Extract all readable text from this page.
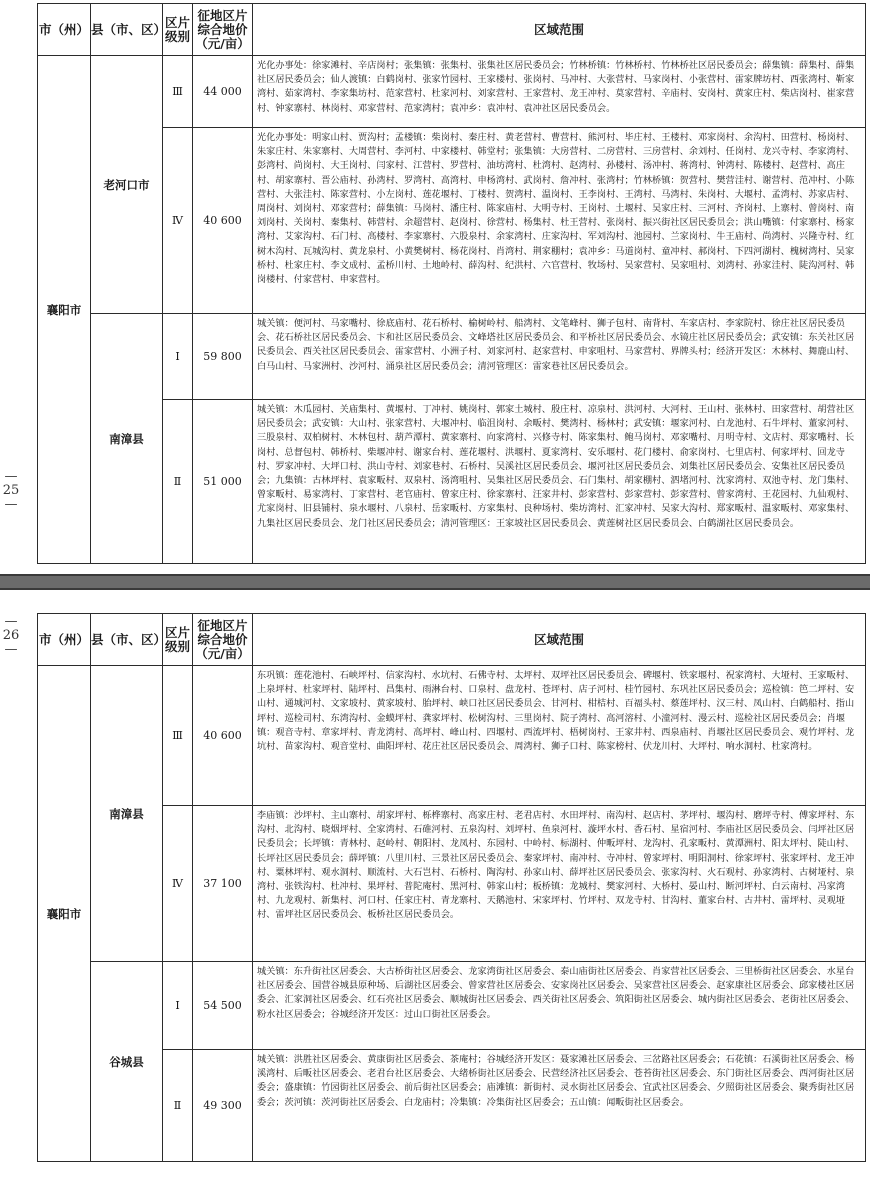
— 25 —
市（州）	县（市、区）	区片级别	征地区片综合地价（元/亩）	区域范围
襄阳市	老河口市	Ⅲ	44 000	光化办事处：徐家滩村、辛店岗村；张集镇：张集村、张集社区居民委员会；竹林桥镇：竹林桥村、竹林桥社区居民委员会；薛集镇：薛集村、薛集社区居民委员会；仙人渡镇：白鹤岗村、张家竹园村、王家楼村、张岗村、马冲村、大张营村、马家岗村、小张营村、雷家牌坊村、西张湾村、靳家湾村、茹家湾村、李家集坊村、范家营村、杜家河村、刘家营村、王家营村、龙王冲村、莫家营村、辛庙村、安岗村、黄家庄村、柴店岗村、崔家营村、钟家寨村、林岗村、邓家营村、范家湾村；袁冲乡：袁冲村、袁冲社区居民委员会。
		Ⅳ	40 600	光化办事处：明家山村、贾沟村；孟楼镇：柴岗村、秦庄村、黄老营村、曹营村、熊河村、毕庄村、王楼村、邓家岗村、余沟村、田营村、杨岗村、朱家庄村、朱家寨村、大周营村、李河村、中家楼村、韩堂村；张集镇：大房营村、二房营村、三房营村、余刘村、任岗村、龙兴寺村、李家湾村、彭湾村、尚岗村、大王岗村、闫家村、江营村、罗营村、油坊湾村、杜湾村、赵湾村、孙楼村、汤冲村、蒋湾村、钟湾村、陈楼村、赵营村、高庄村、胡家寨村、晋公庙村、孙湾村、罗湾村、高湾村、申杨湾村、武岗村、詹冲村、张湾村；竹林桥镇：贺营村、樊营洼村、谢营村、范冲村、小陈营村、大张洼村、陈家营村、小左岗村、莲花堰村、丁楼村、贺湾村、温岗村、王李岗村、王湾村、马湾村、朱岗村、大堰村、孟湾村、苏家店村、周岗村、刘岗村、邓家营村；薛集镇：马岗村、潘庄村、陈家庙村、大明寺村、王岗村、土堰村、吴家庄村、三河村、齐岗村、上寨村、曾岗村、南刘岗村、关岗村、秦集村、韩营村、余超营村、赵岗村、徐营村、杨集村、杜王营村、张岗村、振兴街社区居民委员会；洪山嘴镇：付家寨村、杨家湾村、艾家沟村、石门村、高楼村、李家寨村、六股泉村、余家湾村、庄家沟村、军刘沟村、池园村、兰家岗村、牛王庙村、尚湾村、兴隆寺村、红树木沟村、瓦城沟村、黄龙泉村、小黄樊树村、杨花岗村、肖湾村、荆家棚村；袁冲乡：马道岗村、童冲村、郝岗村、下四河湖村、槐树湾村、吴家桥村、杜家庄村、李文成村、孟桥川村、土地岭村、薛沟村、纪洪村、六官营村、牧场村、吴家营村、吴家咀村、刘湾村、孙家洼村、陡沟河村、韩岗楼村、付家营村、申家营村。
	南漳县	Ⅰ	59 800	城关镇：便河村、马家嘴村、徐底庙村、花石桥村、榆树岭村、船湾村、文笔峰村、狮子包村、南背村、车家店村、李家院村、徐庄社区居民委员会、花石桥社区居民委员会、卞和社区居民委员会、文峰塔社区居民委员会、和平桥社区居民委员会、水镜庄社区居民委员会；武安镇：东关社区居民委员会、西关社区居民委员会、雷家营村、小洲子村、刘家河村、赵家营村、申家咀村、马家营村、界牌头村；经济开发区：木林村、舞鹿山村、白马山村、马家洲村、沙河村、涌泉社区居民委员会；清河管理区：雷家巷社区居民委员会。
		Ⅱ	51 000	城关镇：木瓜园村、关庙集村、黄堰村、丁冲村、姚岗村、郭家土城村、殷庄村、凉泉村、洪河村、大河村、王山村、张林村、田家营村、胡营社区居民委员会；武安镇：大山村、张家营村、大堰冲村、临沮岗村、余畈村、樊湾村、杨林村；武安镇：堰家河村、白龙池村、石牛坪村、董家河村、三股泉村、双柏树村、木林包村、葫芦潭村、黄家寨村、向家湾村、兴修寺村、陈家集村、鲍马岗村、邓家嘴村、月明寺村、文店村、郑家嘴村、长岗村、总督包村、韩桥村、柴堰冲村、谢家台村、莲花堰村、洪堰村、夏家湾村、安乐堰村、花门楼村、俞家岗村、七里店村、何家坪村、回龙寺村、罗家冲村、大坪口村、洪山寺村、刘家巷村、石桥村、吴溪社区居民委员会、堰河社区居民委员会、刘集社区居民委员会、安集社区居民委员会；九集镇：古林坪村、袁家畈村、双泉村、汤湾咀村、吴集社区居民委员会、石门集村、胡家棚村、泗堵河村、沈家湾村、双池寺村、龙门集村、曾家畈村、易家湾村、丁家营村、老官庙村、曾家庄村、徐家寨村、汪家井村、彭家营村、彭家营村、彭家营村、曾家湾村、王花园村、九仙观村、尤家岗村、旧县铺村、泉水堰村、八泉村、岳家畈村、方家集村、良种场村、柴坊湾村、汇家冲村、吴家大沟村、郑家畈村、温家畈村、邓家集村、九集社区居民委员会、龙门社区居民委员会；清河管理区：王家坡社区居民委员会、黄莲树社区居民委员会、白鹤湖社区居民委员会。
— 26 —
市（州）	县（市、区）	区片级别	征地区片综合地价（元/亩）	区域范围
襄阳市	南漳县	Ⅲ	40 600	东巩镇：莲花池村、石峡坪村、信家沟村、水坑村、石佛寺村、太坪村、双坪社区居民委员会、碑堰村、铁家堰村、祝家湾村、大垭村、王家畈村、上泉坪村、杜家坪村、陆坪村、昌集村、雨淋台村、口泉村、盘龙村、苍坪村、店子河村、桂竹园村、东巩社区居民委员会；巡检镇：笆二坪村、安山村、通城河村、文家坡村、黄家坡村、胎坪村、峡口社区居民委员会、甘河村、柑桔村、百福头村、蔡莲坪村、汉三村、凤山村、白鹤船村、指山坪村、巡检司村、东湾沟村、金蟆坪村、龚家坪村、松树沟村、三里岗村、院子湾村、高河溶村、小潼河村、漫云村、巡检社区居民委员会；肖堰镇：观音寺村、章家坪村、青龙湾村、高坪村、峰山村、四堰村、西流坪村、梧树岗村、王家井村、西泉庙村、肖堰社区居民委员会、观竹坪村、龙坑村、苗家沟村、观音堂村、曲阳坪村、花庄社区居民委员会、周湾村、狮子口村、陈家榜村、伏龙川村、大坪村、响水洞村、杜家湾村。
		Ⅳ	37 100	李庙镇：沙坪村、主山寨村、胡家坪村、栎桦寨村、高家庄村、老君店村、水田坪村、南沟村、赵店村、茅坪村、堰沟村、磨坪寺村、傅家坪村、东沟村、北沟村、晓烟坪村、全家湾村、石碓河村、五泉沟村、刘坪村、鱼泉河村、漩坪水村、香石村、星宿河村、李庙社区居民委员会、闫坪社区居民委员会；长坪镇：青林村、赵岭村、朝阳村、龙凤村、东园村、中岭村、标湖村、仲畈坪村、龙沟村、孔家畈村、黄潭洲村、阳太坪村、陡山村、长坪社区居民委员会；薛坪镇：八里川村、三景社区居民委员会、秦家坪村、南冲村、寺冲村、曾家坪村、明阳洞村、徐家坪村、张家坪村、龙王冲村、粟林坪村、观水洞村、顺流村、大石岂村、石桥村、陶沟村、孙家山村、薛坪社区居民委员会、张家沟村、火石观村、孙家湾村、古树垭村、泉湾村、张铁沟村、杜冲村、果坪村、普陀庵村、黑河村、韩家山村；板桥镇：龙城村、樊家河村、大桥村、晏山村、断河坪村、白云南村、冯家湾村、九龙观村、新集村、河口村、任家庄村、青龙寨村、天鹅池村、宋家坪村、竹坪村、双龙寺村、甘沟村、董家台村、古井村、雷坪村、灵观垭村、雷坪社区居民委员会、板桥社区居民委员会。
	谷城县	Ⅰ	54 500	城关镇：东升街社区居委会、大古桥街社区居委会、龙家湾街社区居委会、泰山庙街社区居委会、肖家营社区居委会、三里桥街社区居委会、水星台社区居委会、国营谷城县原种场、后湖社区居委会、曾家营社区居委会、安家岗社区居委会、吴家营社区居委会、赵家康社区居委会、邱家楼社区居委会、汇家洞社区居委会、红石亮社区居委会、顺城街社区居委会、西关街社区居委会、筑阳街社区居委会、城内街社区居委会、老街社区居委会、粉水社区居委会；谷城经济开发区：过山口街社区居委会。
		Ⅱ	49 300	城关镇：洪胜社区居委会、黄康街社区居委会、茶庵村；谷城经济开发区：聂家滩社区居委会、三岔路社区居委会；石花镇：石溪街社区居委会、杨溪湾村、后畈社区居委会、老君台社区居委会、大绪桥街社区居委会、民营经济社区居委会、苍苔街社区居委会、东门街社区居委会、西河街社区居委会；盛康镇：竹园街社区居委会、前后街社区居委会；庙滩镇：新街村、灵水街社区居委会、宜武社区居委会、夕照街社区居委会、聚秀街社区居委会；茨河镇：茨河街社区居委会、白龙庙村；冷集镇：冷集街社区居委会；五山镇：闻畈街社区居委会。
